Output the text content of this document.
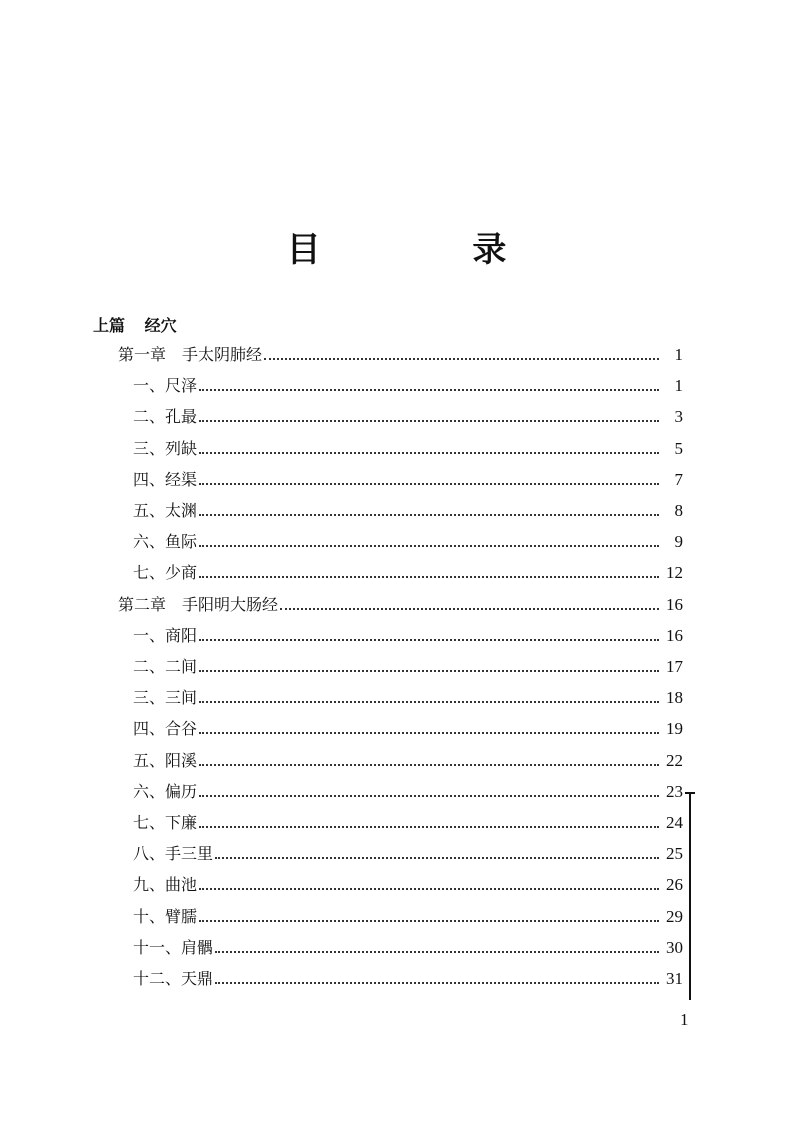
目 录
上篇 经穴
第一章　手太阴肺经	1
一、尺泽	1
二、孔最	3
三、列缺	5
四、经渠	7
五、太渊	8
六、鱼际	9
七、少商	12
第二章　手阳明大肠经	16
一、商阳	16
二、二间	17
三、三间	18
四、合谷	19
五、阳溪	22
六、偏历	23
七、下廉	24
八、手三里	25
九、曲池	26
十、臂臑	29
十一、肩髃	30
十二、天鼎	31
1
